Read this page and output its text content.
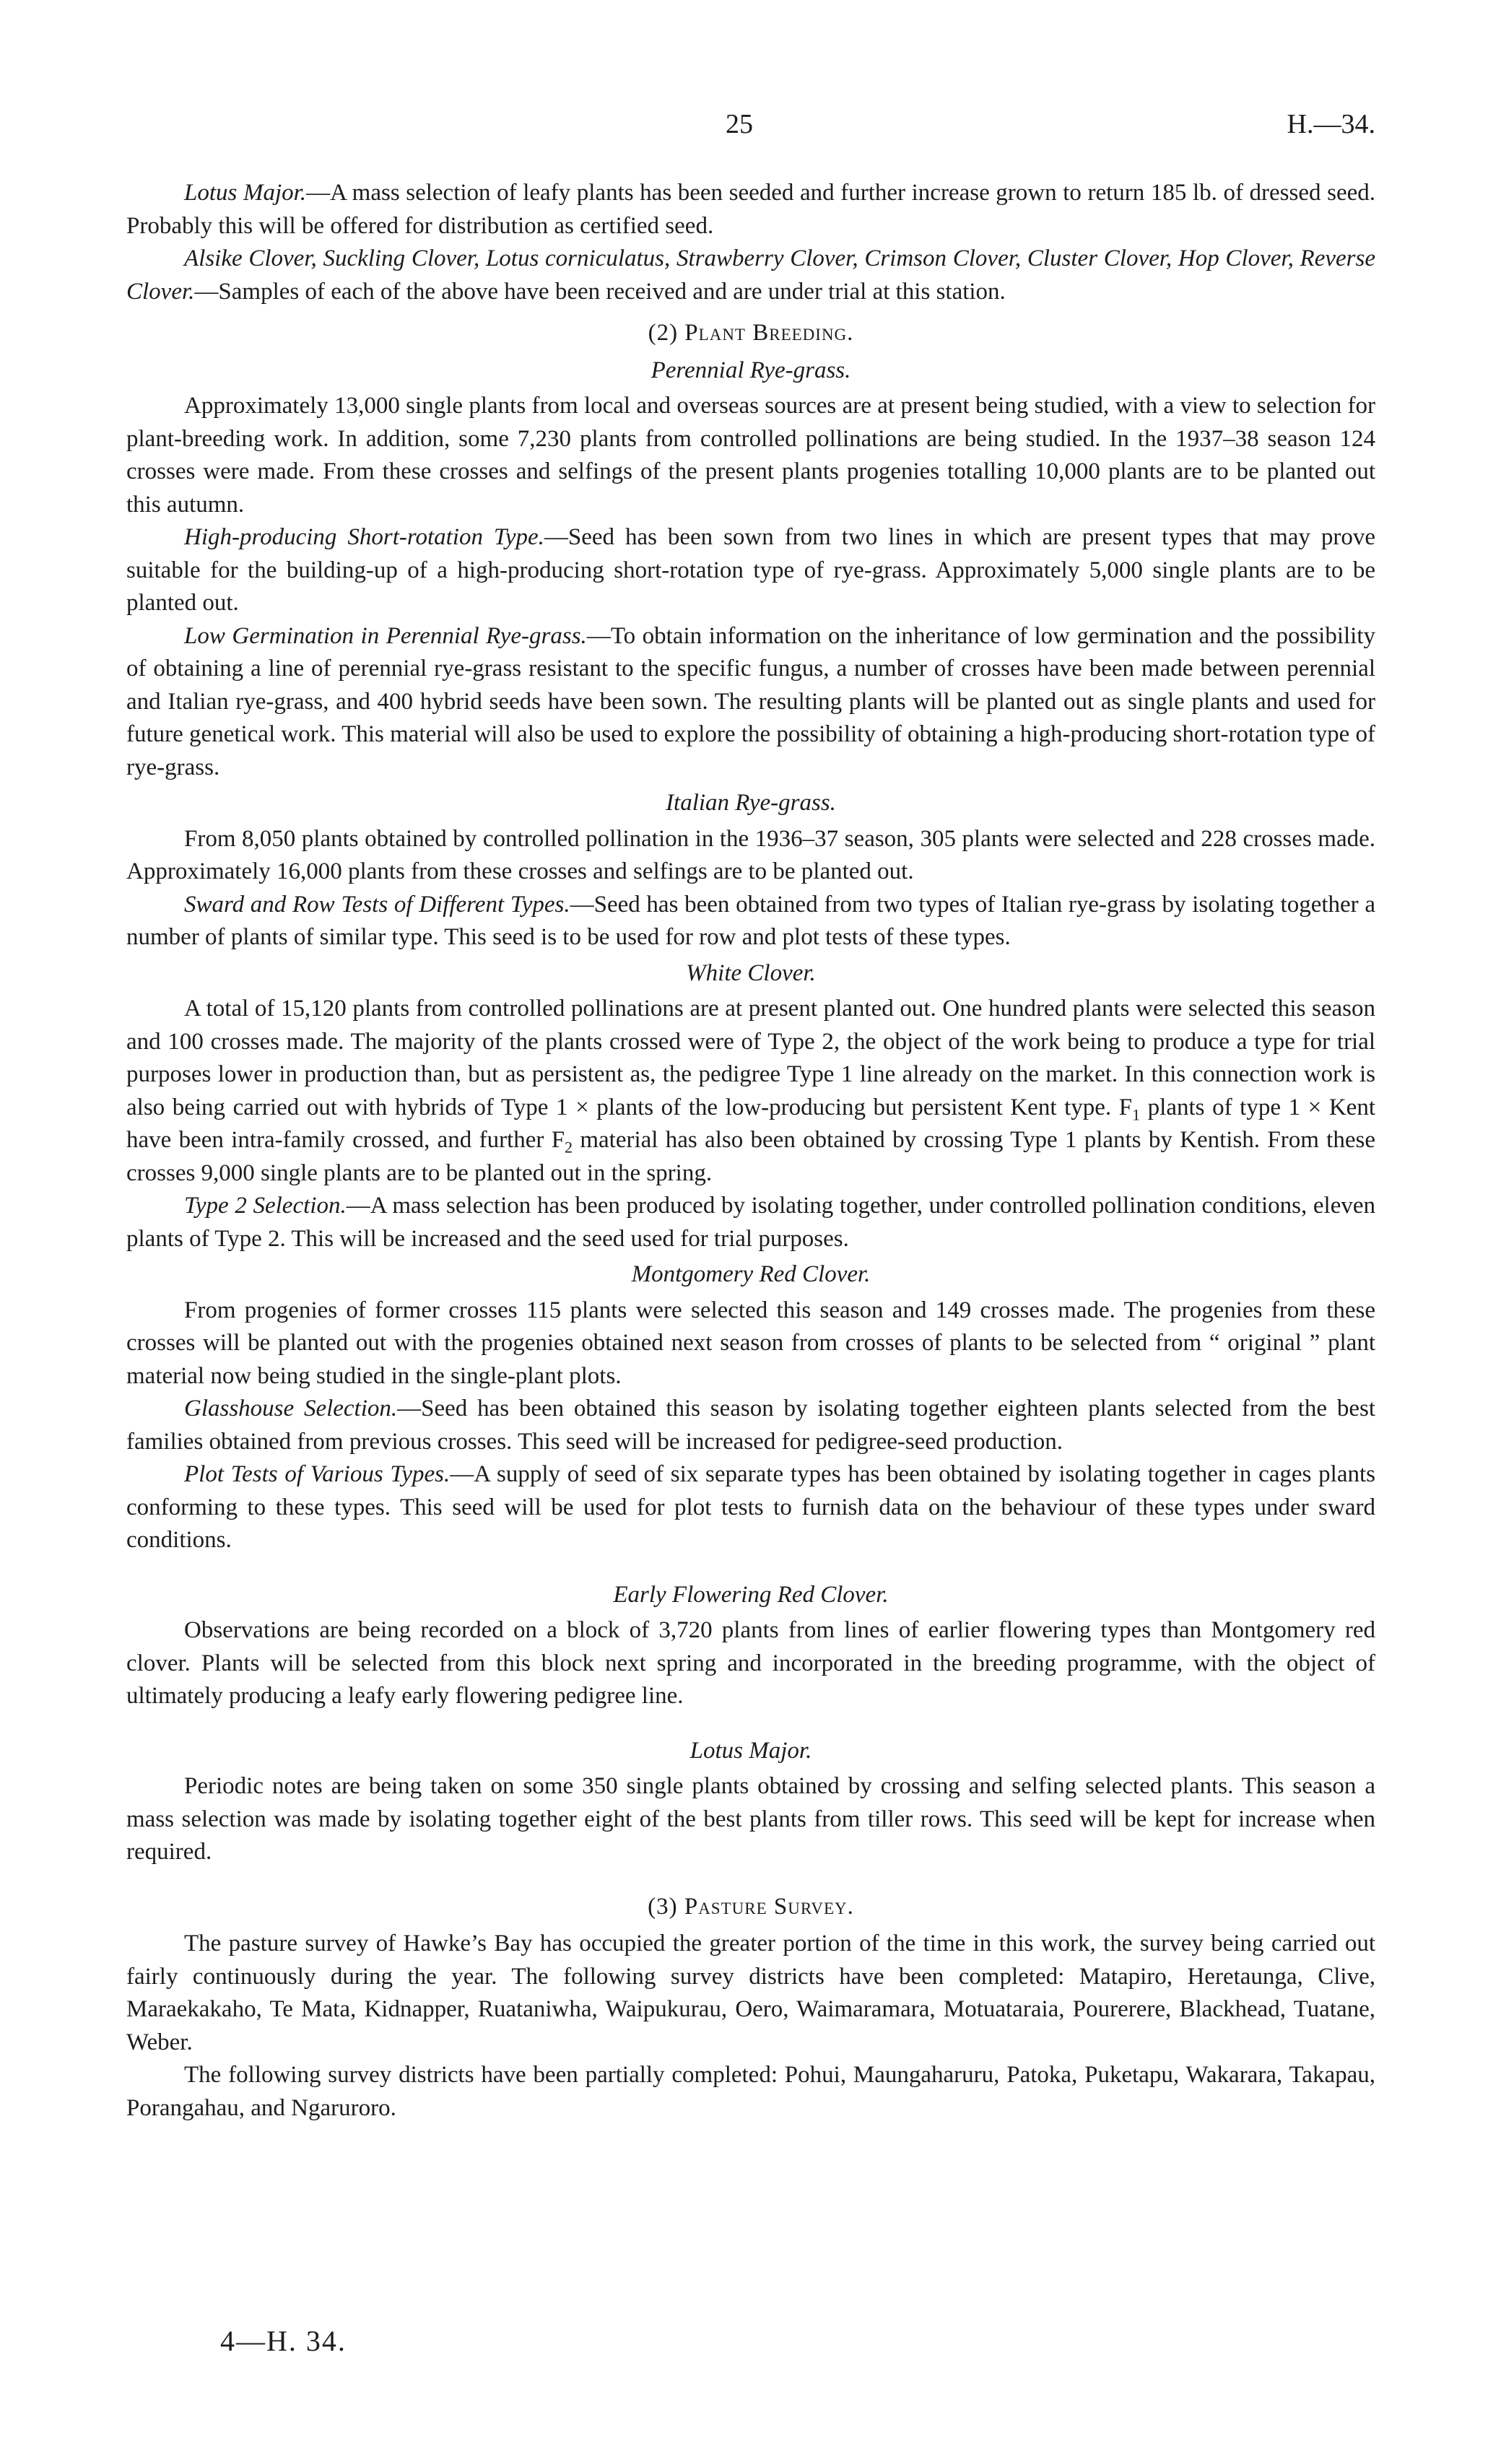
25	H.—34.

Lotus Major.—A mass selection of leafy plants has been seeded and further increase grown to return 185 lb. of dressed seed. Probably this will be offered for distribution as certified seed.

Alsike Clover, Suckling Clover, Lotus corniculatus, Strawberry Clover, Crimson Clover, Cluster Clover, Hop Clover, Reverse Clover.—Samples of each of the above have been received and are under trial at this station.

(2) Plant Breeding.
Perennial Rye-grass.

Approximately 13,000 single plants from local and overseas sources are at present being studied, with a view to selection for plant-breeding work. In addition, some 7,230 plants from controlled pollinations are being studied. In the 1937–38 season 124 crosses were made. From these crosses and selfings of the present plants progenies totalling 10,000 plants are to be planted out this autumn.

High-producing Short-rotation Type.—Seed has been sown from two lines in which are present types that may prove suitable for the building-up of a high-producing short-rotation type of rye-grass. Approximately 5,000 single plants are to be planted out.

Low Germination in Perennial Rye-grass.—To obtain information on the inheritance of low germination and the possibility of obtaining a line of perennial rye-grass resistant to the specific fungus, a number of crosses have been made between perennial and Italian rye-grass, and 400 hybrid seeds have been sown. The resulting plants will be planted out as single plants and used for future genetical work. This material will also be used to explore the possibility of obtaining a high-producing short-rotation type of rye-grass.

Italian Rye-grass.

From 8,050 plants obtained by controlled pollination in the 1936–37 season, 305 plants were selected and 228 crosses made. Approximately 16,000 plants from these crosses and selfings are to be planted out.

Sward and Row Tests of Different Types.—Seed has been obtained from two types of Italian rye-grass by isolating together a number of plants of similar type. This seed is to be used for row and plot tests of these types.

White Clover.

A total of 15,120 plants from controlled pollinations are at present planted out. One hundred plants were selected this season and 100 crosses made. The majority of the plants crossed were of Type 2, the object of the work being to produce a type for trial purposes lower in production than, but as persistent as, the pedigree Type 1 line already on the market. In this connection work is also being carried out with hybrids of Type 1 × plants of the low-producing but persistent Kent type. $F_1$ plants of type 1 × Kent have been intra-family crossed, and further $F_2$ material has also been obtained by crossing Type 1 plants by Kentish. From these crosses 9,000 single plants are to be planted out in the spring.

Type 2 Selection.—A mass selection has been produced by isolating together, under controlled pollination conditions, eleven plants of Type 2. This will be increased and the seed used for trial purposes.

Montgomery Red Clover.

From progenies of former crosses 115 plants were selected this season and 149 crosses made. The progenies from these crosses will be planted out with the progenies obtained next season from crosses of plants to be selected from “ original ” plant material now being studied in the single-plant plots.

Glasshouse Selection.—Seed has been obtained this season by isolating together eighteen plants selected from the best families obtained from previous crosses. This seed will be increased for pedigree-seed production.

Plot Tests of Various Types.—A supply of seed of six separate types has been obtained by isolating together in cages plants conforming to these types. This seed will be used for plot tests to furnish data on the behaviour of these types under sward conditions.

Early Flowering Red Clover.

Observations are being recorded on a block of 3,720 plants from lines of earlier flowering types than Montgomery red clover. Plants will be selected from this block next spring and incorporated in the breeding programme, with the object of ultimately producing a leafy early flowering pedigree line.

Lotus Major.

Periodic notes are being taken on some 350 single plants obtained by crossing and selfing selected plants. This season a mass selection was made by isolating together eight of the best plants from tiller rows. This seed will be kept for increase when required.

(3) Pasture Survey.

The pasture survey of Hawke’s Bay has occupied the greater portion of the time in this work, the survey being carried out fairly continuously during the year. The following survey districts have been completed: Matapiro, Heretaunga, Clive, Maraekakaho, Te Mata, Kidnapper, Ruataniwha, Waipukurau, Oero, Waimaramara, Motuataraia, Pourerere, Blackhead, Tuatane, Weber.

The following survey districts have been partially completed: Pohui, Maungaharuru, Patoka, Puketapu, Wakarara, Takapau, Porangahau, and Ngaruroro.

4—H. 34.
